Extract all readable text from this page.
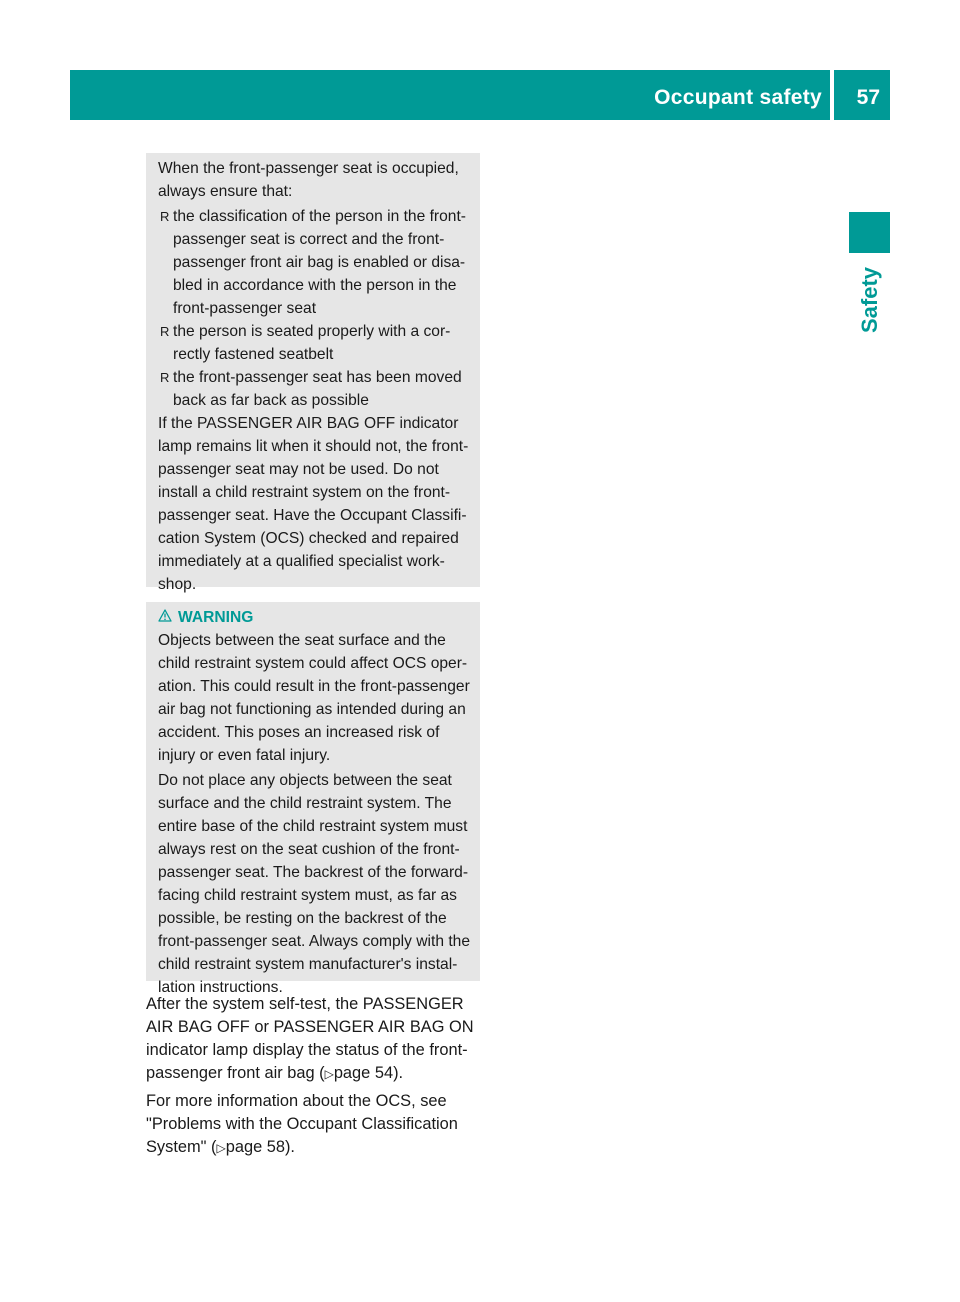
Occupant safety 57
Safety

When the front-passenger seat is occupied, always ensure that:

R the classification of the person in the front-passenger seat is correct and the front-passenger front air bag is enabled or disa-bled in accordance with the person in the front-passenger seat
R the person is seated properly with a cor-rectly fastened seatbelt
R the front-passenger seat has been moved back as far back as possible

If the PASSENGER AIR BAG OFF indicator lamp remains lit when it should not, the front-passenger seat may not be used. Do not install a child restraint system on the front-passenger seat. Have the Occupant Classifi-cation System (OCS) checked and repaired immediately at a qualified specialist work-shop.

WARNING

Objects between the seat surface and the child restraint system could affect OCS oper-ation. This could result in the front-passenger air bag not functioning as intended during an accident. This poses an increased risk of injury or even fatal injury.

Do not place any objects between the seat surface and the child restraint system. The entire base of the child restraint system must always rest on the seat cushion of the front-passenger seat. The backrest of the forward-facing child restraint system must, as far as possible, be resting on the backrest of the front-passenger seat. Always comply with the child restraint system manufacturer's instal-lation instructions.

After the system self-test, the PASSENGER AIR BAG OFF or PASSENGER AIR BAG ON indicator lamp display the status of the front-passenger front air bag (▷page 54).

For more information about the OCS, see "Problems with the Occupant Classification System" (▷page 58).
